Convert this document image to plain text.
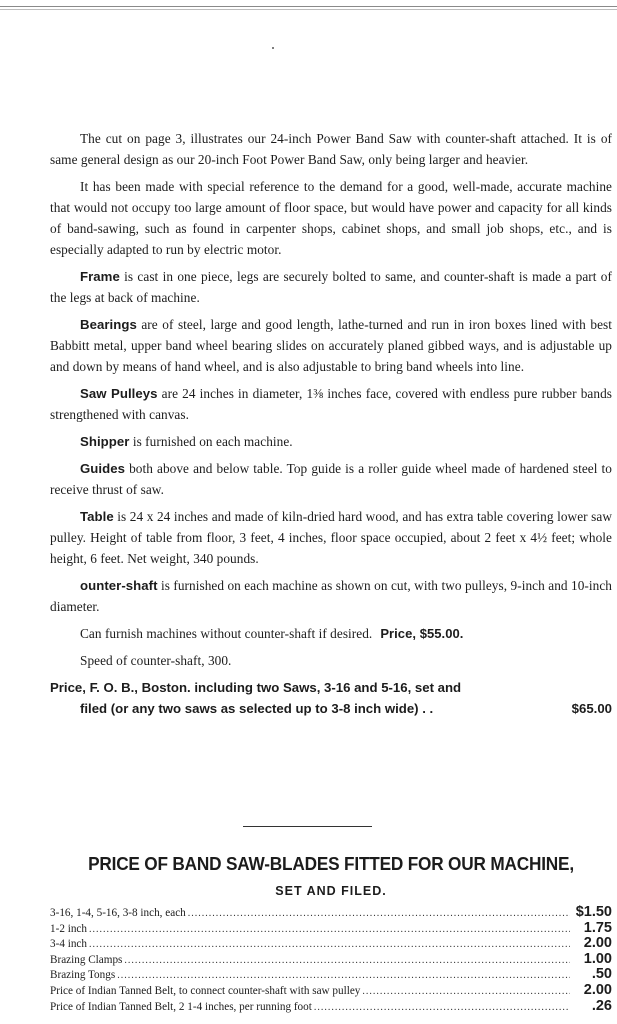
The cut on page 3, illustrates our 24-inch Power Band Saw with counter-shaft attached. It is of same general design as our 20-inch Foot Power Band Saw, only being larger and heavier.

It has been made with special reference to the demand for a good, well-made, accurate machine that would not occupy too large amount of floor space, but would have power and capacity for all kinds of band-sawing, such as found in carpenter shops, cabinet shops, and small job shops, etc., and is especially adapted to run by electric motor.

Frame is cast in one piece, legs are securely bolted to same, and counter-shaft is made a part of the legs at back of machine.

Bearings are of steel, large and good length, lathe-turned and run in iron boxes lined with best Babbitt metal, upper band wheel bearing slides on accurately planed gibbed ways, and is adjustable up and down by means of hand wheel, and is also adjustable to bring band wheels into line.

Saw Pulleys are 24 inches in diameter, 1⅜ inches face, covered with endless pure rubber bands strengthened with canvas.

Shipper is furnished on each machine.

Guides both above and below table. Top guide is a roller guide wheel made of hardened steel to receive thrust of saw.

Table is 24 x 24 inches and made of kiln-dried hard wood, and has extra table covering lower saw pulley. Height of table from floor, 3 feet, 4 inches, floor space occupied, about 2 feet x 4½ feet; whole height, 6 feet. Net weight, 340 pounds.

ounter-shaft is furnished on each machine as shown on cut, with two pulleys, 9-inch and 10-inch diameter.

Can furnish machines without counter-shaft if desired. Price, $55.00.

Speed of counter-shaft, 300.

Price, F. O. B., Boston. including two Saws, 3-16 and 5-16, set and
filed (or any two saws as selected up to 3-8 inch wide) . .	$65.00
PRICE OF BAND SAW-BLADES FITTED FOR OUR MACHINE,
SET AND FILED.
3-16, 1-4, 5-16, 3-8 inch, each .....	$1.50
1-2 inch .....	1.75
3-4 inch .....	2.00
Brazing Clamps .....	1.00
Brazing Tongs .....	.50
Price of Indian Tanned Belt, to connect counter-shaft with saw pulley .....	2.00
Price of Indian Tanned Belt, 2 1-4 inches, per running foot .....	.26
